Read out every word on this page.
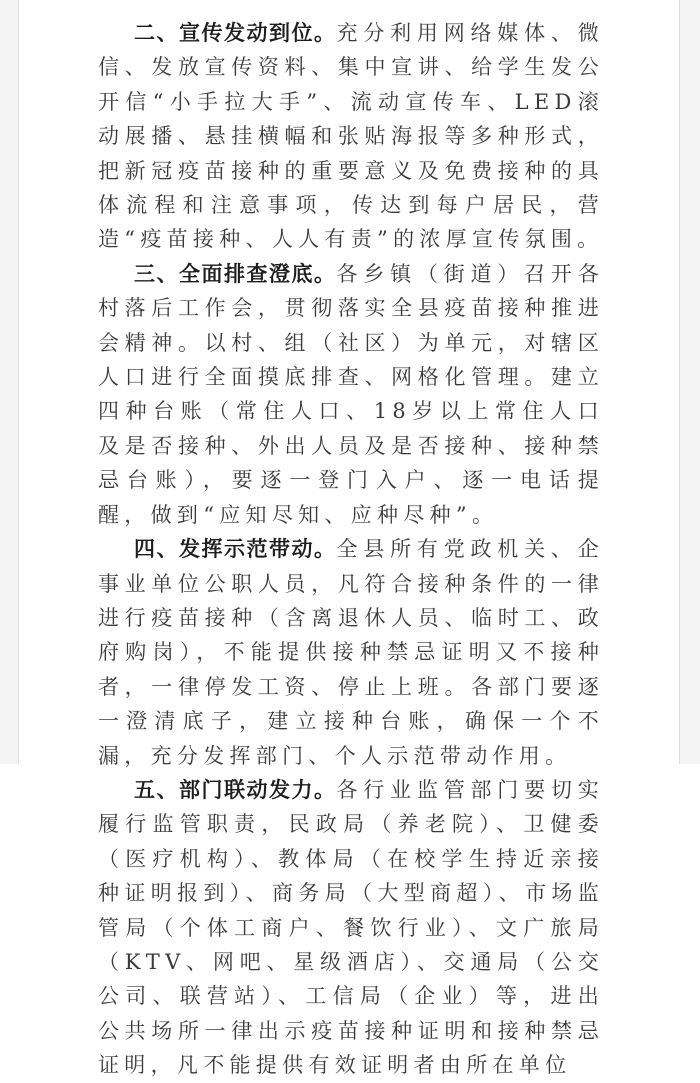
二、宣传发动到位。充分利用网络媒体、微信、发放宣传资料、集中宣讲、给学生发公开信“小手拉大手”、流动宣传车、LED滚动展播、悬挂横幅和张贴海报等多种形式，把新冠疫苗接种的重要意义及免费接种的具体流程和注意事项，传达到每户居民，营造“疫苗接种、人人有责”的浓厚宣传氛围。

三、全面排查澄底。各乡镇（街道）召开各村落后工作会，贯彻落实全县疫苗接种推进会精神。以村、组（社区）为单元，对辖区人口进行全面摸底排查、网格化管理。建立四种台账（常住人口、18岁以上常住人口及是否接种、外出人员及是否接种、接种禁忌台账），要逐一登门入户、逐一电话提醒，做到“应知尽知、应种尽种”。

四、发挥示范带动。全县所有党政机关、企事业单位公职人员，凡符合接种条件的一律进行疫苗接种（含离退休人员、临时工、政府购岗），不能提供接种禁忌证明又不接种者，一律停发工资、停止上班。各部门要逐一澄清底子，建立接种台账，确保一个不漏，充分发挥部门、个人示范带动作用。

五、部门联动发力。各行业监管部门要切实履行监管职责，民政局（养老院）、卫健委（医疗机构）、教体局（在校学生持近亲接种证明报到）、商务局（大型商超）、市场监管局（个体工商户、餐饮行业）、文广旅局（KTV、网吧、星级酒店）、交通局（公交公司、联营站）、工信局（企业）等，进出公共场所一律出示疫苗接种证明和接种禁忌证明，凡不能提供有效证明者由所在单位
